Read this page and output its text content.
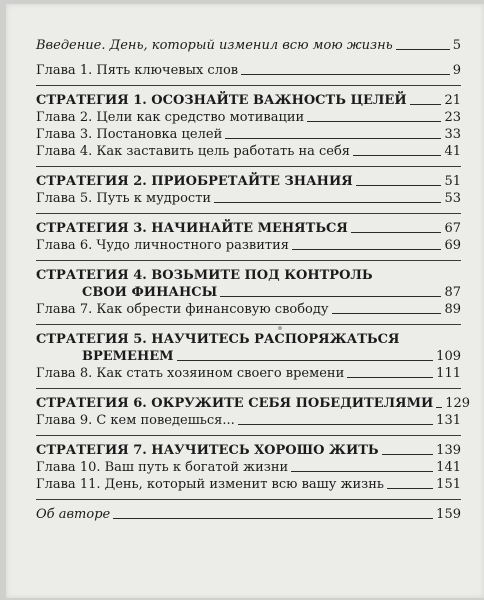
Введение. День, который изменил всю мою жизнь	5
Глава 1. Пять ключевых слов	9
СТРАТЕГИЯ 1. ОСОЗНАЙТЕ ВАЖНОСТЬ ЦЕЛЕЙ	21
Глава 2. Цели как средство мотивации	23
Глава 3. Постановка целей	33
Глава 4. Как заставить цель работать на себя	41
СТРАТЕГИЯ 2. ПРИОБРЕТАЙТЕ ЗНАНИЯ	51
Глава 5. Путь к мудрости	53
СТРАТЕГИЯ 3. НАЧИНАЙТЕ МЕНЯТЬСЯ	67
Глава 6. Чудо личностного развития	69
СТРАТЕГИЯ 4. ВОЗЬМИТЕ ПОД КОНТРОЛЬ
СВОИ ФИНАНСЫ	87
Глава 7. Как обрести финансовую свободу	89
СТРАТЕГИЯ 5. НАУЧИТЕСЬ РАСПОРЯЖАТЬСЯ
ВРЕМЕНЕМ	109
Глава 8. Как стать хозяином своего времени	111
СТРАТЕГИЯ 6. ОКРУЖИТЕ СЕБЯ ПОБЕДИТЕЛЯМИ 129
Глава 9. С кем поведешься...	131
СТРАТЕГИЯ 7. НАУЧИТЕСЬ ХОРОШО ЖИТЬ	139
Глава 10. Ваш путь к богатой жизни	141
Глава 11. День, который изменит всю вашу жизнь	151
Об авторе	159
